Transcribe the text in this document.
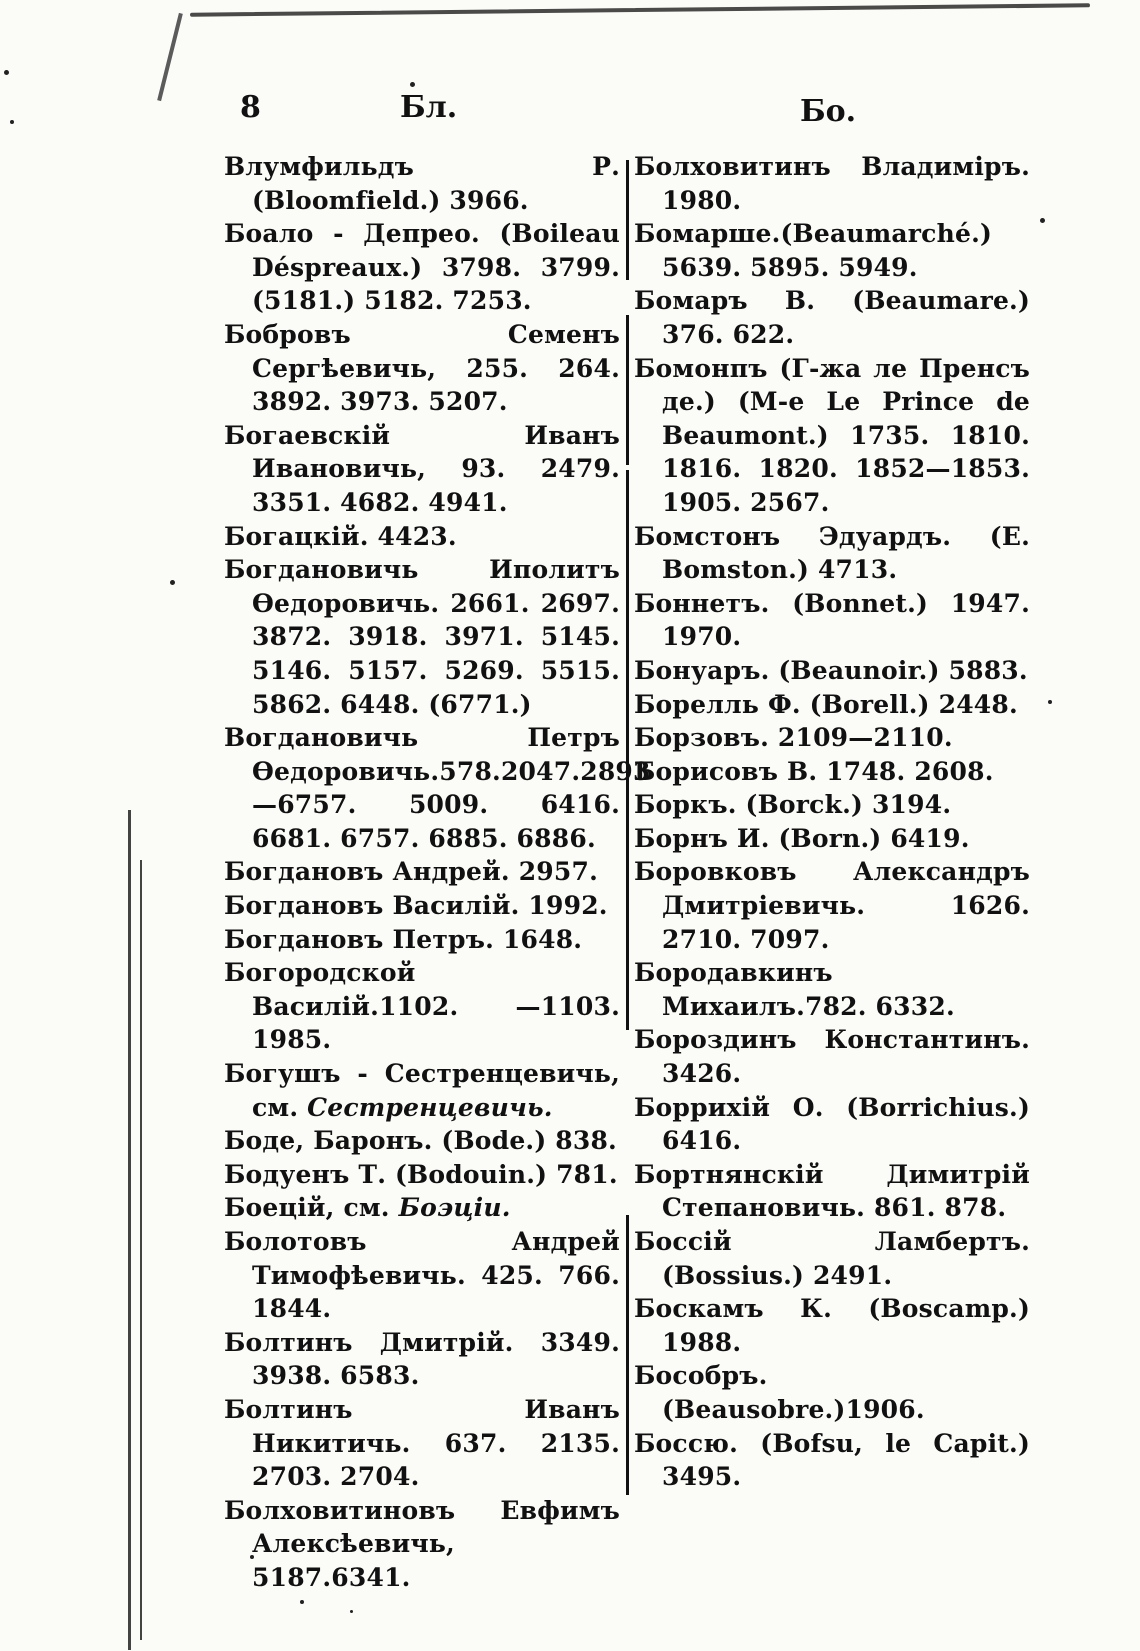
8	Бл.	Бо.

Влумфильдъ Р. (Bloomfield.) 3966.

Боало - Депрео. (Boileau Déspreaux.) 3798. 3799. (5181.) 5182. 7253.

Бобровъ Семенъ Сергѣевичь, 255. 264. 3892. 3973. 5207.

Богаевскій Иванъ Ивановичь, 93. 2479. 3351. 4682. 4941.

Богацкій. 4423.

Богдановичь Иполитъ Өедоровичь. 2661. 2697. 3872. 3918. 3971. 5145. 5146. 5157. 5269. 5515. 5862. 6448. (6771.)

Вогдановичь Петръ Өедоровичь.578.2047.2893—6757. 5009. 6416. 6681. 6757. 6885. 6886.

Богдановъ Андрей. 2957.

Богдановъ Василій. 1992.

Богдановъ Петръ. 1648.

Богородской Василій.1102. —1103. 1985.

Богушъ - Сестренцевичь, см. Сестренцевичь.

Боде, Баронъ. (Bode.) 838.

Бодуенъ Т. (Bodouin.) 781.

Боецій, см. Боэціи.

Болотовъ Андрей Тимофѣевичь. 425. 766. 1844.

Болтинъ Дмитрій. 3349. 3938. 6583.

Болтинъ Иванъ Никитичь. 637. 2135. 2703. 2704.

Болховитиновъ Евфимъ Алексѣевичь, 5187.6341.

Болховитинъ Владиміръ. 1980.

Бомарше.(Beaumarché.) 5639. 5895. 5949.

Бомаръ В. (Beaumare.) 376. 622.

Бомонпъ (Г-жа ле Пренсъ де.) (M-e Le Prince de Beaumont.) 1735. 1810. 1816. 1820. 1852—1853. 1905. 2567.

Бомстонъ Эдуардъ. (E. Bomston.) 4713.

Боннетъ. (Bonnet.) 1947. 1970.

Бонуаръ. (Beaunoir.) 5883.

Борелль Ф. (Borell.) 2448.

Борзовъ. 2109—2110.

Борисовъ В. 1748. 2608.

Боркъ. (Borck.) 3194.

Борнъ И. (Born.) 6419.

Боровковъ Александръ Дмитріевичь. 1626. 2710. 7097.

Бородавкинъ Михаилъ.782. 6332.

Бороздинъ Константинъ. 3426.

Боррихій О. (Borrichius.) 6416.

Бортнянскій Димитрій Степановичь. 861. 878.

Боссій Ламбертъ. (Bossius.) 2491.

Боскамъ К. (Boscamp.) 1988.

Бособръ.(Beausobre.)1906.

Боссю. (Bofsu, le Capit.) 3495.
